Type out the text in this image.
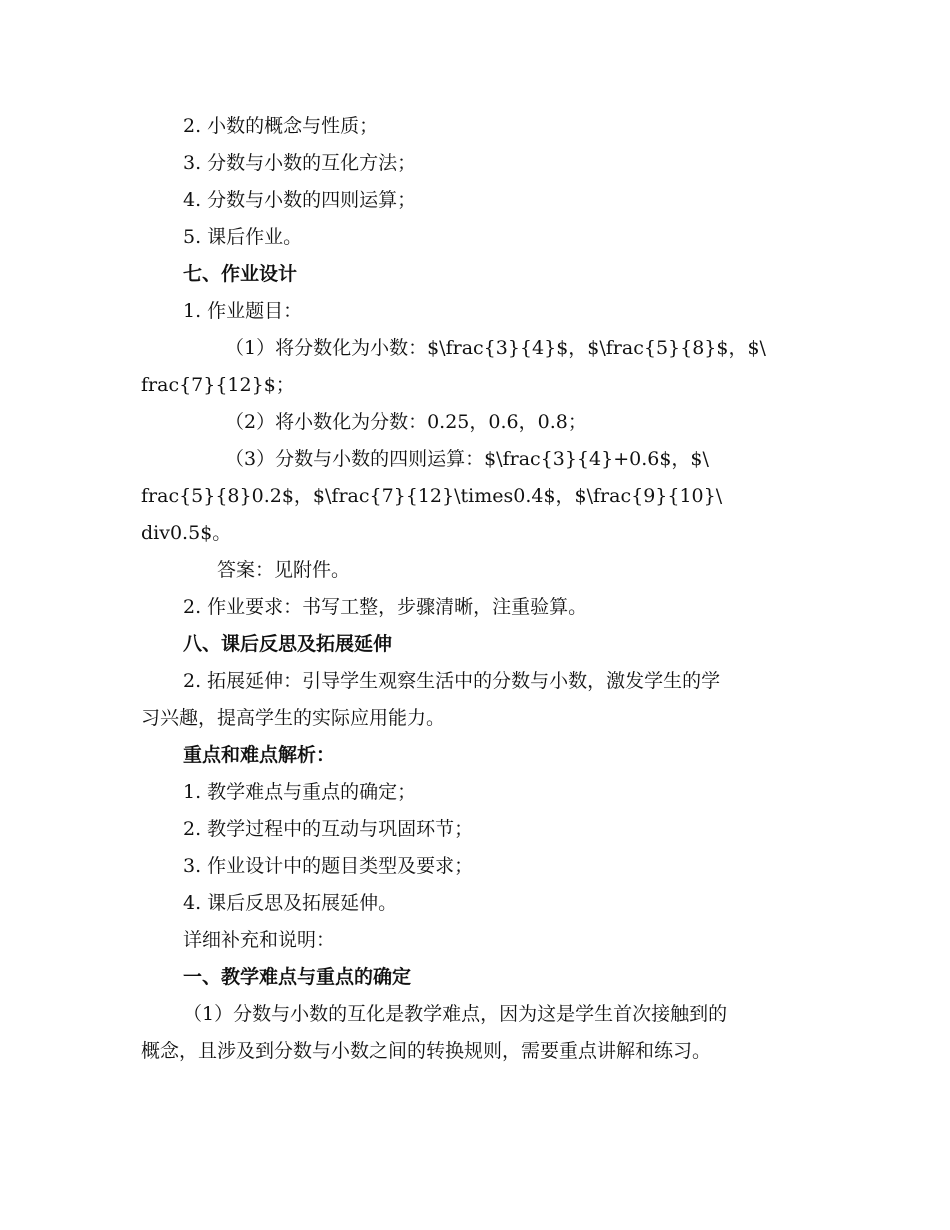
2. 小数的概念与性质；
3. 分数与小数的互化方法；
4. 分数与小数的四则运算；
5. 课后作业。
七、作业设计
1. 作业题目：
（1）将分数化为小数：$\frac{3}{4}$，$\frac{5}{8}$，$\
frac{7}{12}$；
（2）将小数化为分数：0.25，0.6，0.8；
（3）分数与小数的四则运算：$\frac{3}{4}+0.6$，$\
frac{5}{8}0.2$，$\frac{7}{12}\times0.4$，$\frac{9}{10}\
div0.5$。
答案：见附件。
2. 作业要求：书写工整，步骤清晰，注重验算。
八、课后反思及拓展延伸
2. 拓展延伸：引导学生观察生活中的分数与小数，激发学生的学
习兴趣，提高学生的实际应用能力。
重点和难点解析：
1. 教学难点与重点的确定；
2. 教学过程中的互动与巩固环节；
3. 作业设计中的题目类型及要求；
4. 课后反思及拓展延伸。
详细补充和说明：
一、教学难点与重点的确定
（1）分数与小数的互化是教学难点，因为这是学生首次接触到的
概念，且涉及到分数与小数之间的转换规则，需要重点讲解和练习。
